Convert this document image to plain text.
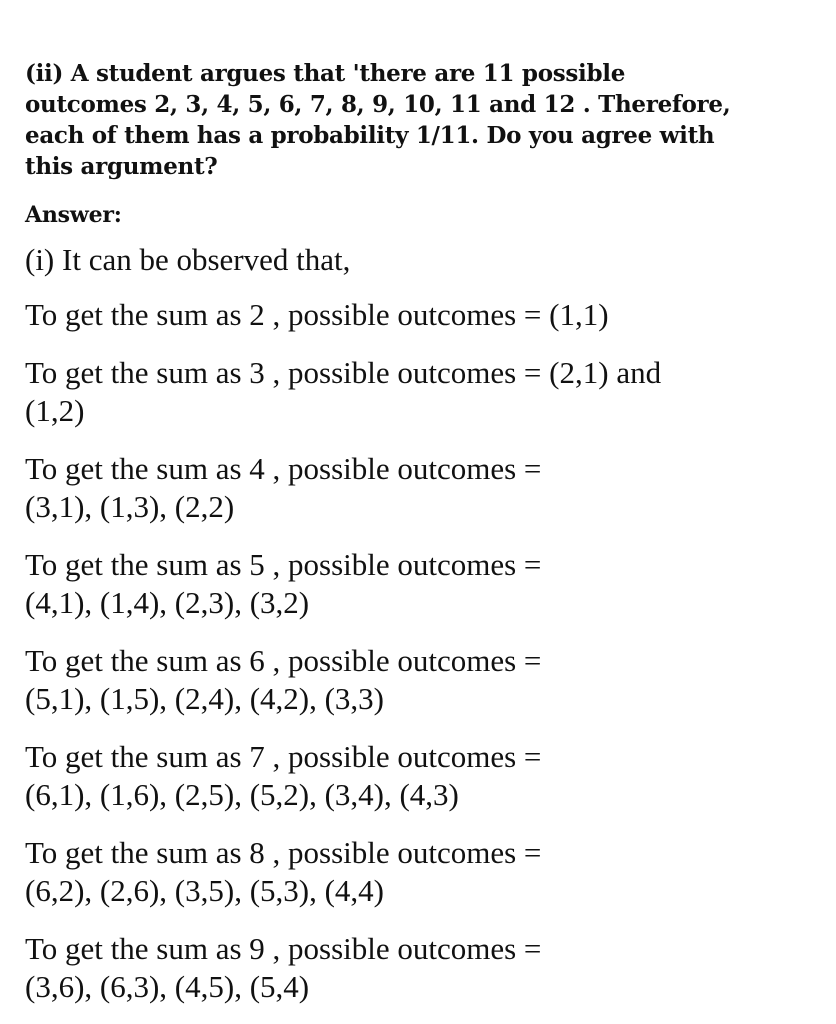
(ii) A student argues that 'there are 11 possible
outcomes 2, 3, 4, 5, 6, 7, 8, 9, 10, 11 and 12 . Therefore,
each of them has a probability 1/11. Do you agree with
this argument?

Answer:

(i) It can be observed that,

To get the sum as 2 , possible outcomes = (1,1)

To get the sum as 3 , possible outcomes = (2,1) and
(1,2)

To get the sum as 4 , possible outcomes =
(3,1), (1,3), (2,2)

To get the sum as 5 , possible outcomes =
(4,1), (1,4), (2,3), (3,2)

To get the sum as 6 , possible outcomes =
(5,1), (1,5), (2,4), (4,2), (3,3)

To get the sum as 7 , possible outcomes =
(6,1), (1,6), (2,5), (5,2), (3,4), (4,3)

To get the sum as 8 , possible outcomes =
(6,2), (2,6), (3,5), (5,3), (4,4)

To get the sum as 9 , possible outcomes =
(3,6), (6,3), (4,5), (5,4)
